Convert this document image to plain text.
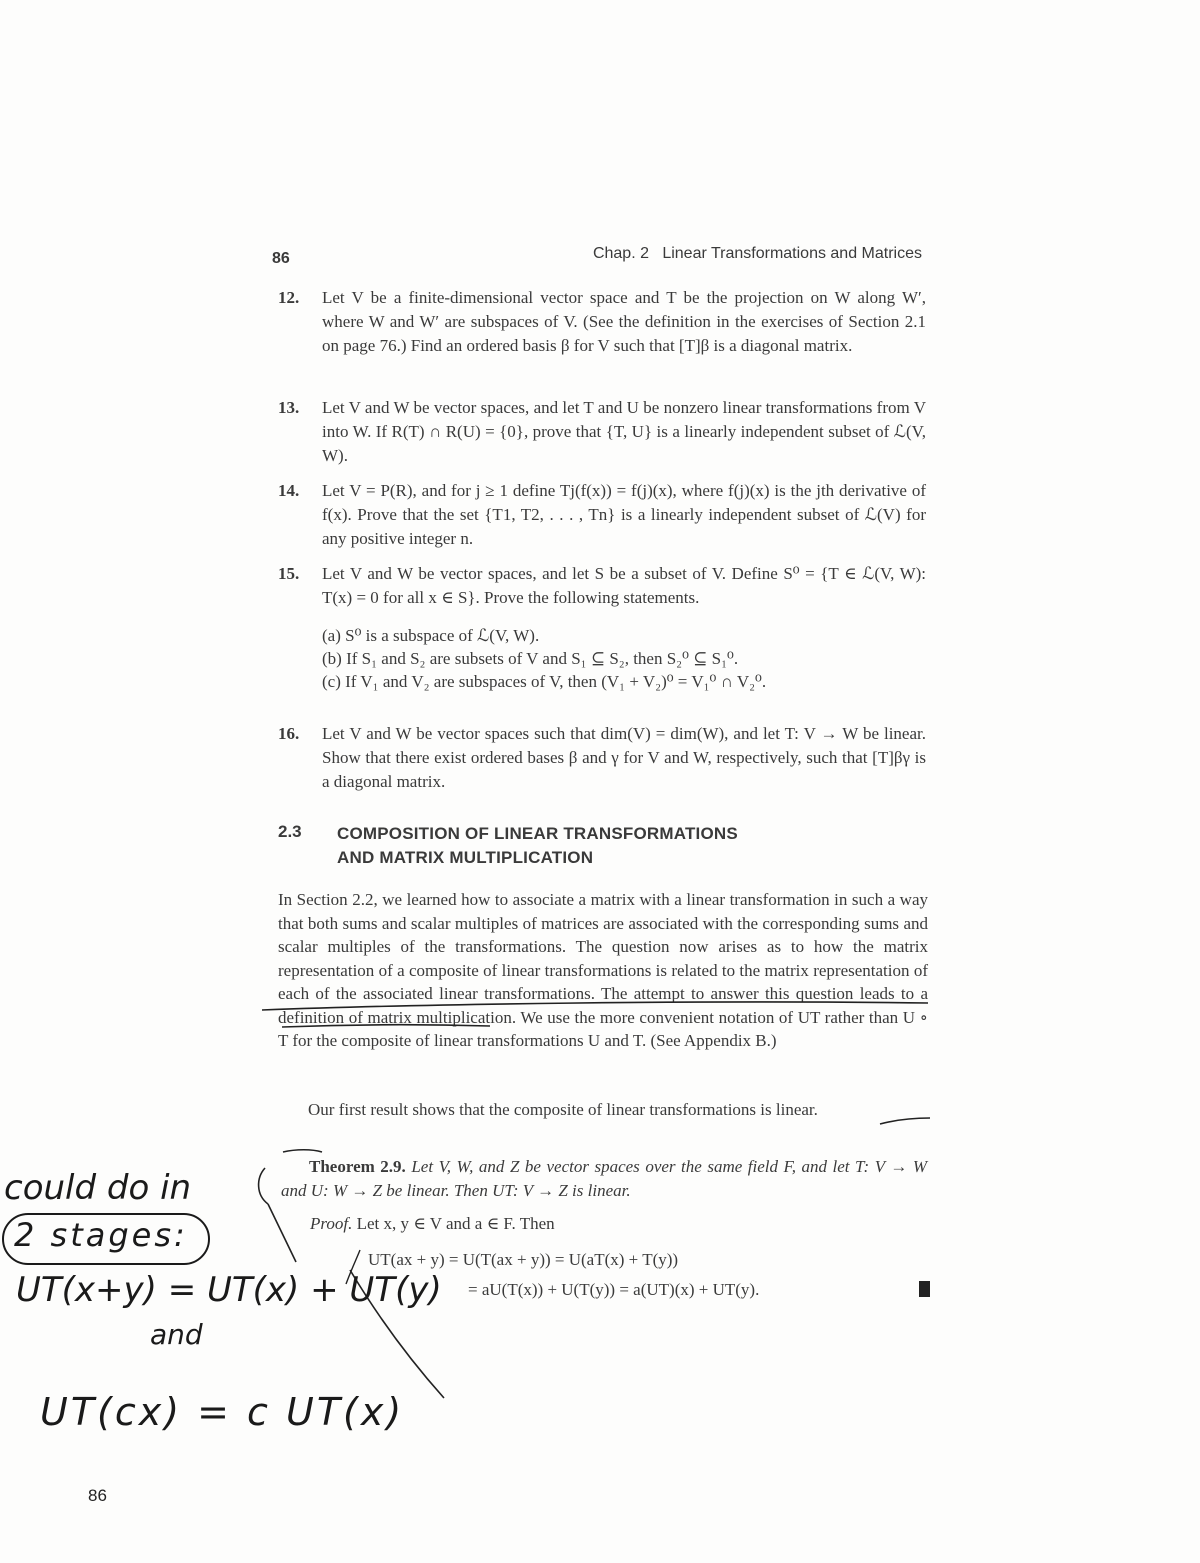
86	Chap. 2   Linear Transformations and Matrices
12. Let V be a finite-dimensional vector space and T be the projection on W along W′, where W and W′ are subspaces of V. (See the definition in the exercises of Section 2.1 on page 76.) Find an ordered basis β for V such that [T]β is a diagonal matrix.
13. Let V and W be vector spaces, and let T and U be nonzero linear transformations from V into W. If R(T) ∩ R(U) = {0}, prove that {T, U} is a linearly independent subset of ℒ(V, W).
14. Let V = P(R), and for j ≥ 1 define Tj(f(x)) = f(j)(x), where f(j)(x) is the jth derivative of f(x). Prove that the set {T1, T2, . . . , Tn} is a linearly independent subset of ℒ(V) for any positive integer n.
15. Let V and W be vector spaces, and let S be a subset of V. Define S⁰ = {T ∈ ℒ(V, W): T(x) = 0 for all x ∈ S}. Prove the following statements.
(a) S⁰ is a subspace of ℒ(V, W).
(b) If S₁ and S₂ are subsets of V and S₁ ⊆ S₂, then S₂⁰ ⊆ S₁⁰.
(c) If V₁ and V₂ are subspaces of V, then (V₁ + V₂)⁰ = V₁⁰ ∩ V₂⁰.
16. Let V and W be vector spaces such that dim(V) = dim(W), and let T: V → W be linear. Show that there exist ordered bases β and γ for V and W, respectively, such that [T]βγ is a diagonal matrix.
2.3 COMPOSITION OF LINEAR TRANSFORMATIONS
AND MATRIX MULTIPLICATION
In Section 2.2, we learned how to associate a matrix with a linear transformation in such a way that both sums and scalar multiples of matrices are associated with the corresponding sums and scalar multiples of the transformations. The question now arises as to how the matrix representation of a composite of linear transformations is related to the matrix representation of each of the associated linear transformations. The attempt to answer this question leads to a definition of matrix multiplication. We use the more convenient notation of UT rather than U ∘ T for the composite of linear transformations U and T. (See Appendix B.)
Our first result shows that the composite of linear transformations is linear.
Theorem 2.9. Let V, W, and Z be vector spaces over the same field F, and let T: V → W and U: W → Z be linear. Then UT: V → Z is linear.
Proof. Let x, y ∈ V and a ∈ F. Then
UT(ax + y) = U(T(ax + y)) = U(aT(x) + T(y))
= aU(T(x)) + U(T(y)) = a(UT)(x) + UT(y).
could do in
2 stages:
UT(x+y) = UT(x) + UT(y)
and
UT(cx) = c UT(x)
86
